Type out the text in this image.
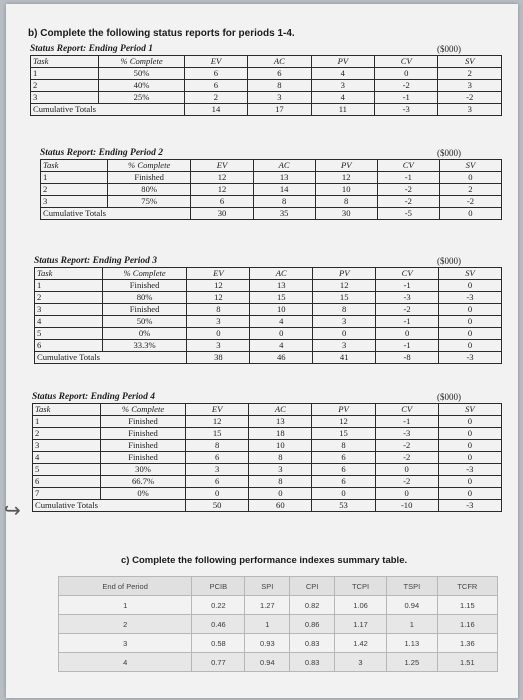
b) Complete the following status reports for periods 1-4.
Status Report: Ending Period 1	($000)
Task	% Complete	EV	AC	PV	CV	SV
1	50%	6	6	4	0	2
2	40%	6	8	3	-2	3
3	25%	2	3	4	-1	-2
Cumulative Totals		14	17	11	-3	3
Status Report: Ending Period 2	($000)
Task	% Complete	EV	AC	PV	CV	SV
1	Finished	12	13	12	-1	0
2	80%	12	14	10	-2	2
3	75%	6	8	8	-2	-2
Cumulative Totals		30	35	30	-5	0
Status Report: Ending Period 3	($000)
Task	% Complete	EV	AC	PV	CV	SV
1	Finished	12	13	12	-1	0
2	80%	12	15	15	-3	-3
3	Finished	8	10	8	-2	0
4	50%	3	4	3	-1	0
5	0%	0	0	0	0	0
6	33.3%	3	4	3	-1	0
Cumulative Totals		38	46	41	-8	-3
Status Report: Ending Period 4	($000)
Task	% Complete	EV	AC	PV	CV	SV
1	Finished	12	13	12	-1	0
2	Finished	15	18	15	-3	0
3	Finished	8	10	8	-2	0
4	Finished	6	8	6	-2	0
5	30%	3	3	6	0	-3
6	66.7%	6	8	6	-2	0
7	0%	0	0	0	0	0
Cumulative Totals		50	60	53	-10	-3
c) Complete the following performance indexes summary table.
End of Period	PCIB	SPI	CPI	TCPI	TSPI	TCFR
1	0.22	1.27	0.82	1.06	0.94	1.15
2	0.46	1	0.86	1.17	1	1.16
3	0.58	0.93	0.83	1.42	1.13	1.36
4	0.77	0.94	0.83	3	1.25	1.51
↪
